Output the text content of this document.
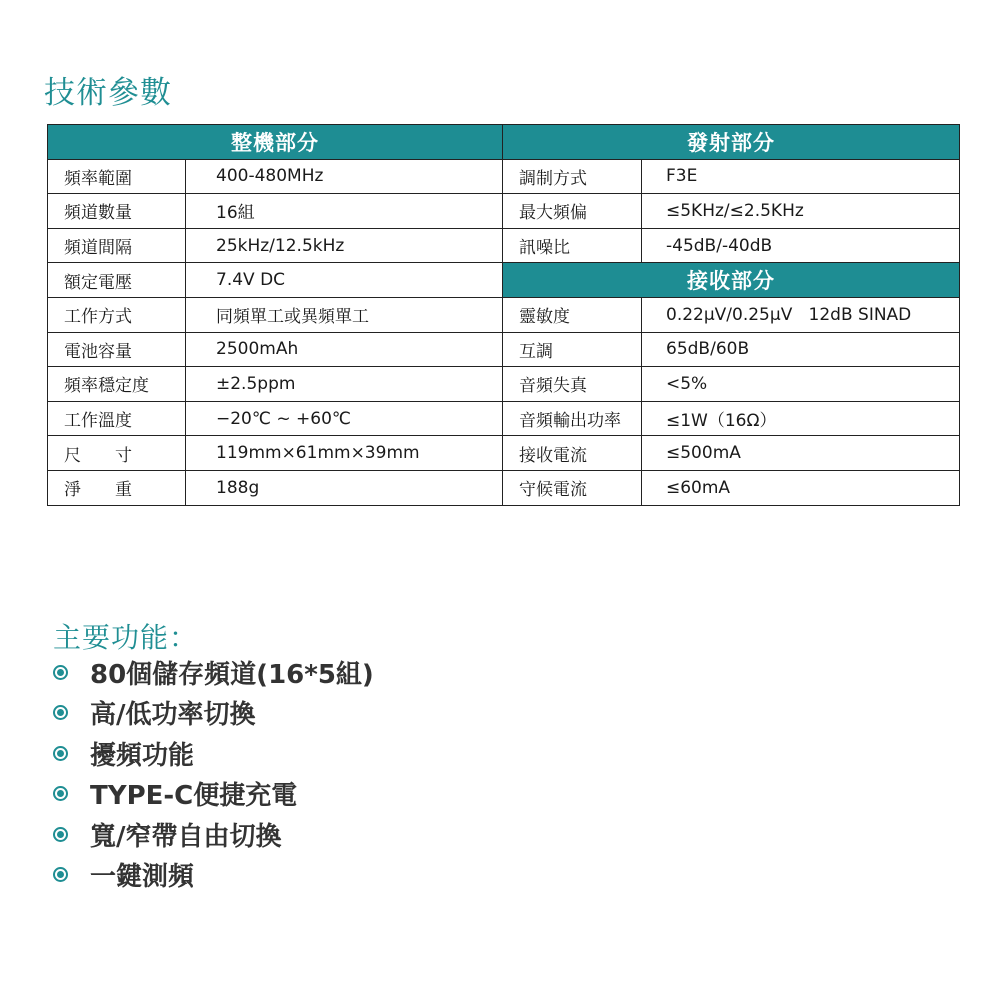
技術參數
整機部分		發射部分	
頻率範圍	400-480MHz	調制方式	F3E
頻道數量	16組	最大頻偏	≤5KHz/≤2.5KHz
頻道間隔	25kHz/12.5kHz	訊噪比	-45dB/-40dB
額定電壓	7.4V DC	接收部分	
工作方式	同頻單工或異頻單工	靈敏度	0.22μV/0.25μV   12dB SINAD
電池容量	2500mAh	互調	65dB/60B
頻率穩定度	±2.5ppm	音頻失真	<5%
工作溫度	−20℃ ~ +60℃	音頻輸出功率	≤1W（16Ω）
尺　　寸	119mm×61mm×39mm	接收電流	≤500mA
淨　　重	188g	守候電流	≤60mA
主要功能：
80個儲存頻道(16*5組)
高/低功率切換
擾頻功能
TYPE-C便捷充電
寬/窄帶自由切換
一鍵測頻
